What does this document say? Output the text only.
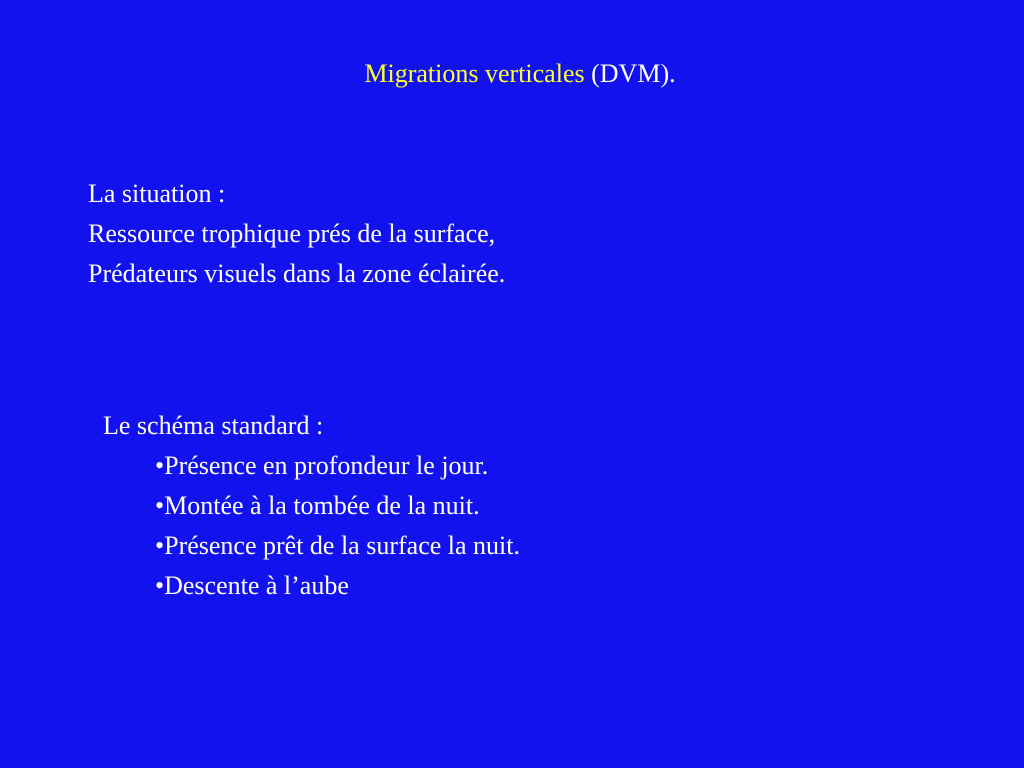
Migrations verticales (DVM).
La situation :
Ressource trophique prés de la surface,
Prédateurs visuels dans la zone éclairée.
Le schéma standard :
•Présence en profondeur le jour.
•Montée à la tombée de la nuit.
•Présence prêt de la surface la nuit.
•Descente à l’aube
